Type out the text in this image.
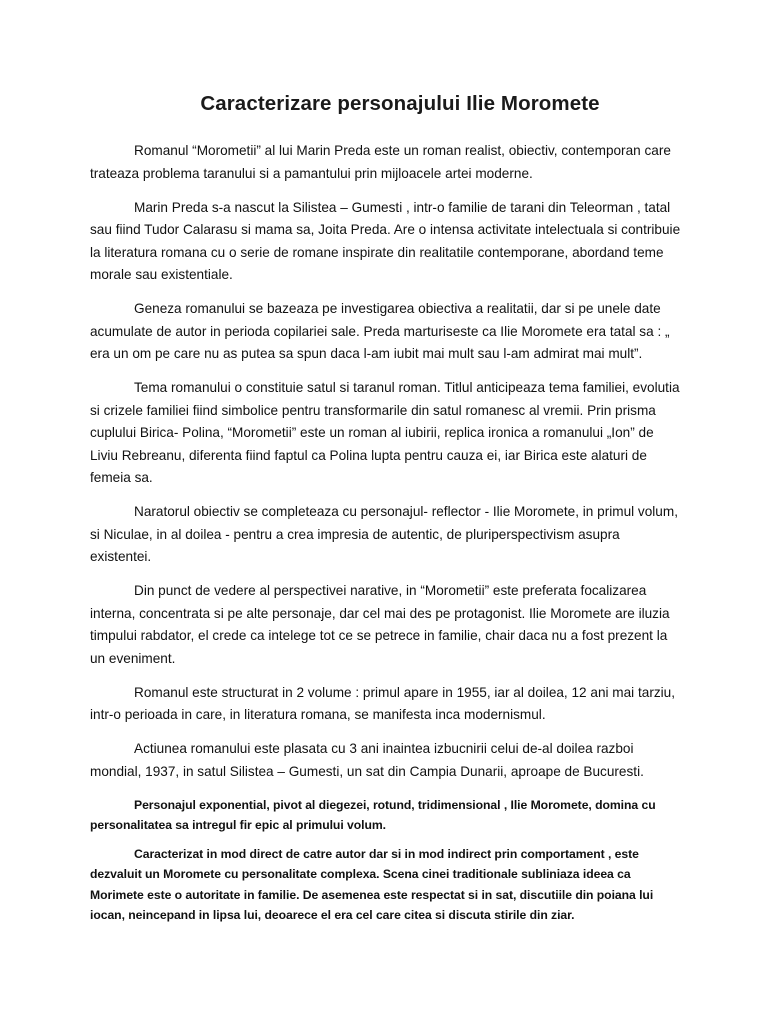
Caracterizare personajului Ilie Moromete

Romanul “Morometii” al lui Marin Preda este un roman realist, obiectiv, contemporan care trateaza problema taranului si a pamantului prin mijloacele artei moderne.

Marin Preda s-a nascut la Silistea – Gumesti , intr-o familie de tarani din Teleorman , tatal sau fiind Tudor Calarasu si mama sa, Joita Preda. Are o intensa activitate intelectuala si contribuie la literatura romana cu o serie de romane inspirate din realitatile contemporane, abordand teme morale sau existentiale.

Geneza romanului se bazeaza pe investigarea obiectiva a realitatii, dar si pe unele date acumulate de autor in perioda copilariei sale. Preda marturiseste ca Ilie Moromete era tatal sa : „ era un om pe care nu as putea sa spun daca l-am iubit mai mult sau l-am admirat mai mult”.

Tema romanului o constituie satul si taranul roman. Titlul anticipeaza tema familiei, evolutia si crizele familiei fiind simbolice pentru transformarile din satul romanesc al vremii. Prin prisma cuplului Birica- Polina, “Morometii” este un roman al iubirii, replica ironica a romanului „Ion” de Liviu Rebreanu, diferenta fiind faptul ca Polina lupta pentru cauza ei, iar Birica este alaturi de femeia sa.

Naratorul obiectiv se completeaza cu personajul- reflector - Ilie Moromete, in primul volum, si Niculae, in al doilea - pentru a crea impresia de autentic, de pluriperspectivism asupra existentei.

Din punct de vedere al perspectivei narative, in “Morometii” este preferata focalizarea interna, concentrata si pe alte personaje, dar cel mai des pe protagonist. Ilie Moromete are iluzia timpului rabdator, el crede ca intelege tot ce se petrece in familie, chair daca nu a fost prezent la un eveniment.

Romanul este structurat in 2 volume : primul apare in 1955, iar al doilea, 12 ani mai tarziu, intr-o perioada in care, in literatura romana, se manifesta inca modernismul.

Actiunea romanului este plasata cu 3 ani inaintea izbucnirii celui de-al doilea razboi mondial, 1937, in satul Silistea – Gumesti, un sat din Campia Dunarii, aproape de Bucuresti.

Personajul exponential, pivot al diegezei, rotund, tridimensional , Ilie Moromete, domina cu personalitatea sa intregul fir epic al primului volum.

Caracterizat in mod direct de catre autor dar si in mod indirect prin comportament , este dezvaluit un Moromete cu personalitate complexa. Scena cinei traditionale subliniaza ideea ca Morimete este o autoritate in familie. De asemenea este respectat si in sat, discutiile din poiana lui iocan, neincepand in lipsa lui, deoarece el era cel care citea si discuta stirile din ziar.
